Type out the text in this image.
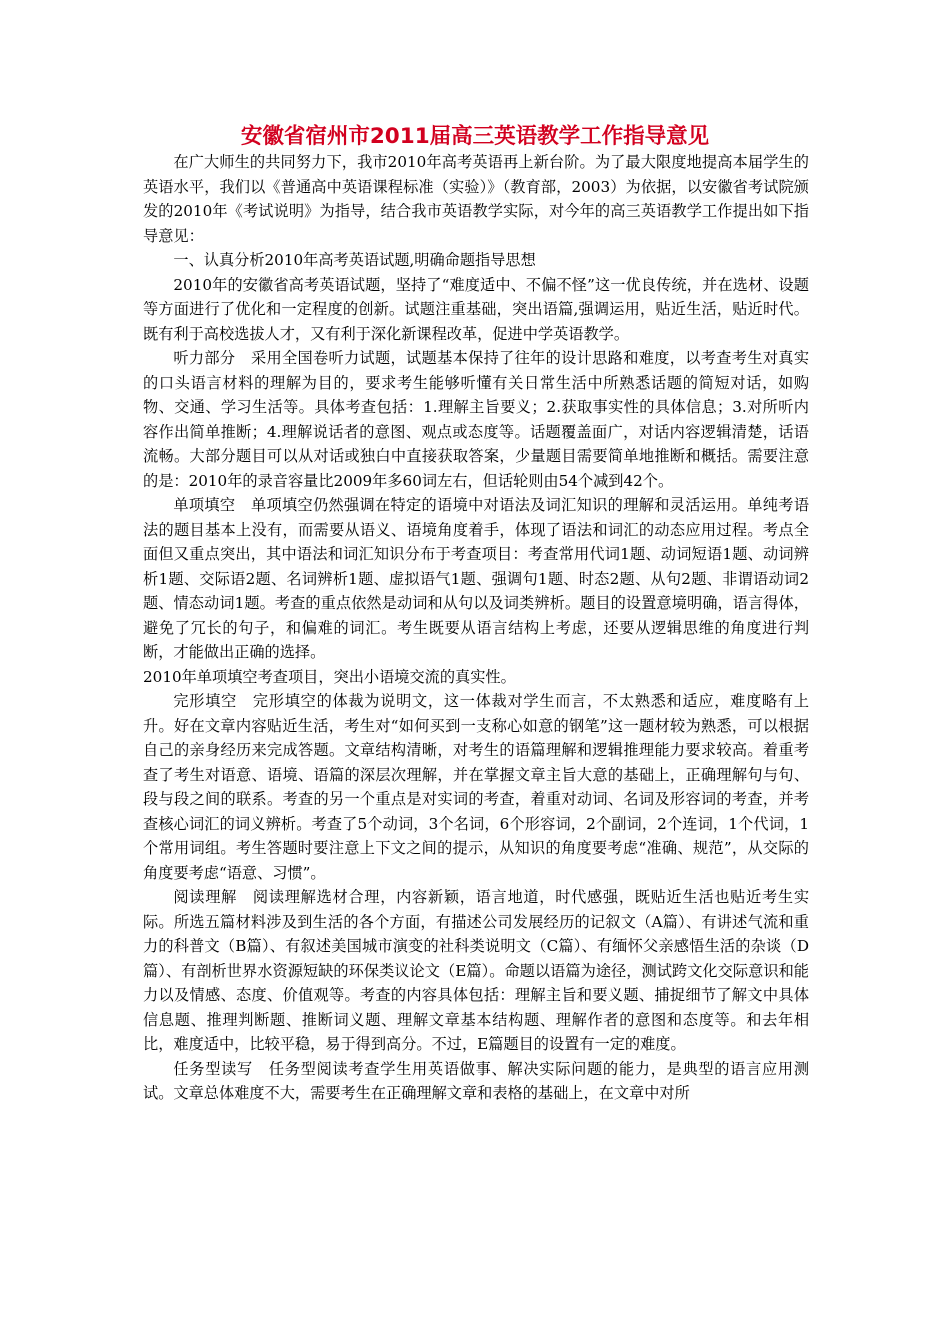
安徽省宿州市2011届高三英语教学工作指导意见

在广大师生的共同努力下，我市2010年高考英语再上新台阶。为了最大限度地提高本届学生的英语水平，我们以《普通高中英语课程标准（实验）》（教育部，2003）为依据，以安徽省考试院颁发的2010年《考试说明》为指导，结合我市英语教学实际，对今年的高三英语教学工作提出如下指导意见：

一、认真分析2010年高考英语试题,明确命题指导思想

2010年的安徽省高考英语试题，坚持了“难度适中、不偏不怪”这一优良传统，并在选材、设题等方面进行了优化和一定程度的创新。试题注重基础，突出语篇,强调运用，贴近生活，贴近时代。既有利于高校选拔人才，又有利于深化新课程改革，促进中学英语教学。

听力部分　采用全国卷听力试题，试题基本保持了往年的设计思路和难度，以考查考生对真实的口头语言材料的理解为目的，要求考生能够听懂有关日常生活中所熟悉话题的简短对话，如购物、交通、学习生活等。具体考查包括：1.理解主旨要义；2.获取事实性的具体信息；3.对所听内容作出简单推断；4.理解说话者的意图、观点或态度等。话题覆盖面广，对话内容逻辑清楚，话语流畅。大部分题目可以从对话或独白中直接获取答案，少量题目需要简单地推断和概括。需要注意的是：2010年的录音容量比2009年多60词左右，但话轮则由54个减到42个。

单项填空　单项填空仍然强调在特定的语境中对语法及词汇知识的理解和灵活运用。单纯考语法的题目基本上没有，而需要从语义、语境角度着手，体现了语法和词汇的动态应用过程。考点全面但又重点突出，其中语法和词汇知识分布于考查项目：考查常用代词1题、动词短语1题、动词辨析1题、交际语2题、名词辨析1题、虚拟语气1题、强调句1题、时态2题、从句2题、非谓语动词2题、情态动词1题。考查的重点依然是动词和从句以及词类辨析。题目的设置意境明确，语言得体，避免了冗长的句子，和偏难的词汇。考生既要从语言结构上考虑，还要从逻辑思维的角度进行判断，才能做出正确的选择。

2010年单项填空考查项目，突出小语境交流的真实性。

完形填空　完形填空的体裁为说明文，这一体裁对学生而言，不太熟悉和适应，难度略有上升。好在文章内容贴近生活，考生对“如何买到一支称心如意的钢笔”这一题材较为熟悉，可以根据自己的亲身经历来完成答题。文章结构清晰，对考生的语篇理解和逻辑推理能力要求较高。着重考查了考生对语意、语境、语篇的深层次理解，并在掌握文章主旨大意的基础上，正确理解句与句、段与段之间的联系。考查的另一个重点是对实词的考查，着重对动词、名词及形容词的考查，并考查核心词汇的词义辨析。考查了5个动词，3个名词，6个形容词，2个副词，2个连词，1个代词，1个常用词组。考生答题时要注意上下文之间的提示，从知识的角度要考虑“准确、规范”，从交际的角度要考虑“语意、习惯”。

阅读理解　阅读理解选材合理，内容新颖，语言地道，时代感强，既贴近生活也贴近考生实际。所选五篇材料涉及到生活的各个方面，有描述公司发展经历的记叙文（A篇）、有讲述气流和重力的科普文（B篇）、有叙述美国城市演变的社科类说明文（C篇）、有缅怀父亲感悟生活的杂谈（D篇）、有剖析世界水资源短缺的环保类议论文（E篇）。命题以语篇为途径，测试跨文化交际意识和能力以及情感、态度、价值观等。考查的内容具体包括：理解主旨和要义题、捕捉细节了解文中具体信息题、推理判断题、推断词义题、理解文章基本结构题、理解作者的意图和态度等。和去年相比，难度适中，比较平稳，易于得到高分。不过，E篇题目的设置有一定的难度。

任务型读写　任务型阅读考查学生用英语做事、解决实际问题的能力，是典型的语言应用测试。文章总体难度不大，需要考生在正确理解文章和表格的基础上，在文章中对所
